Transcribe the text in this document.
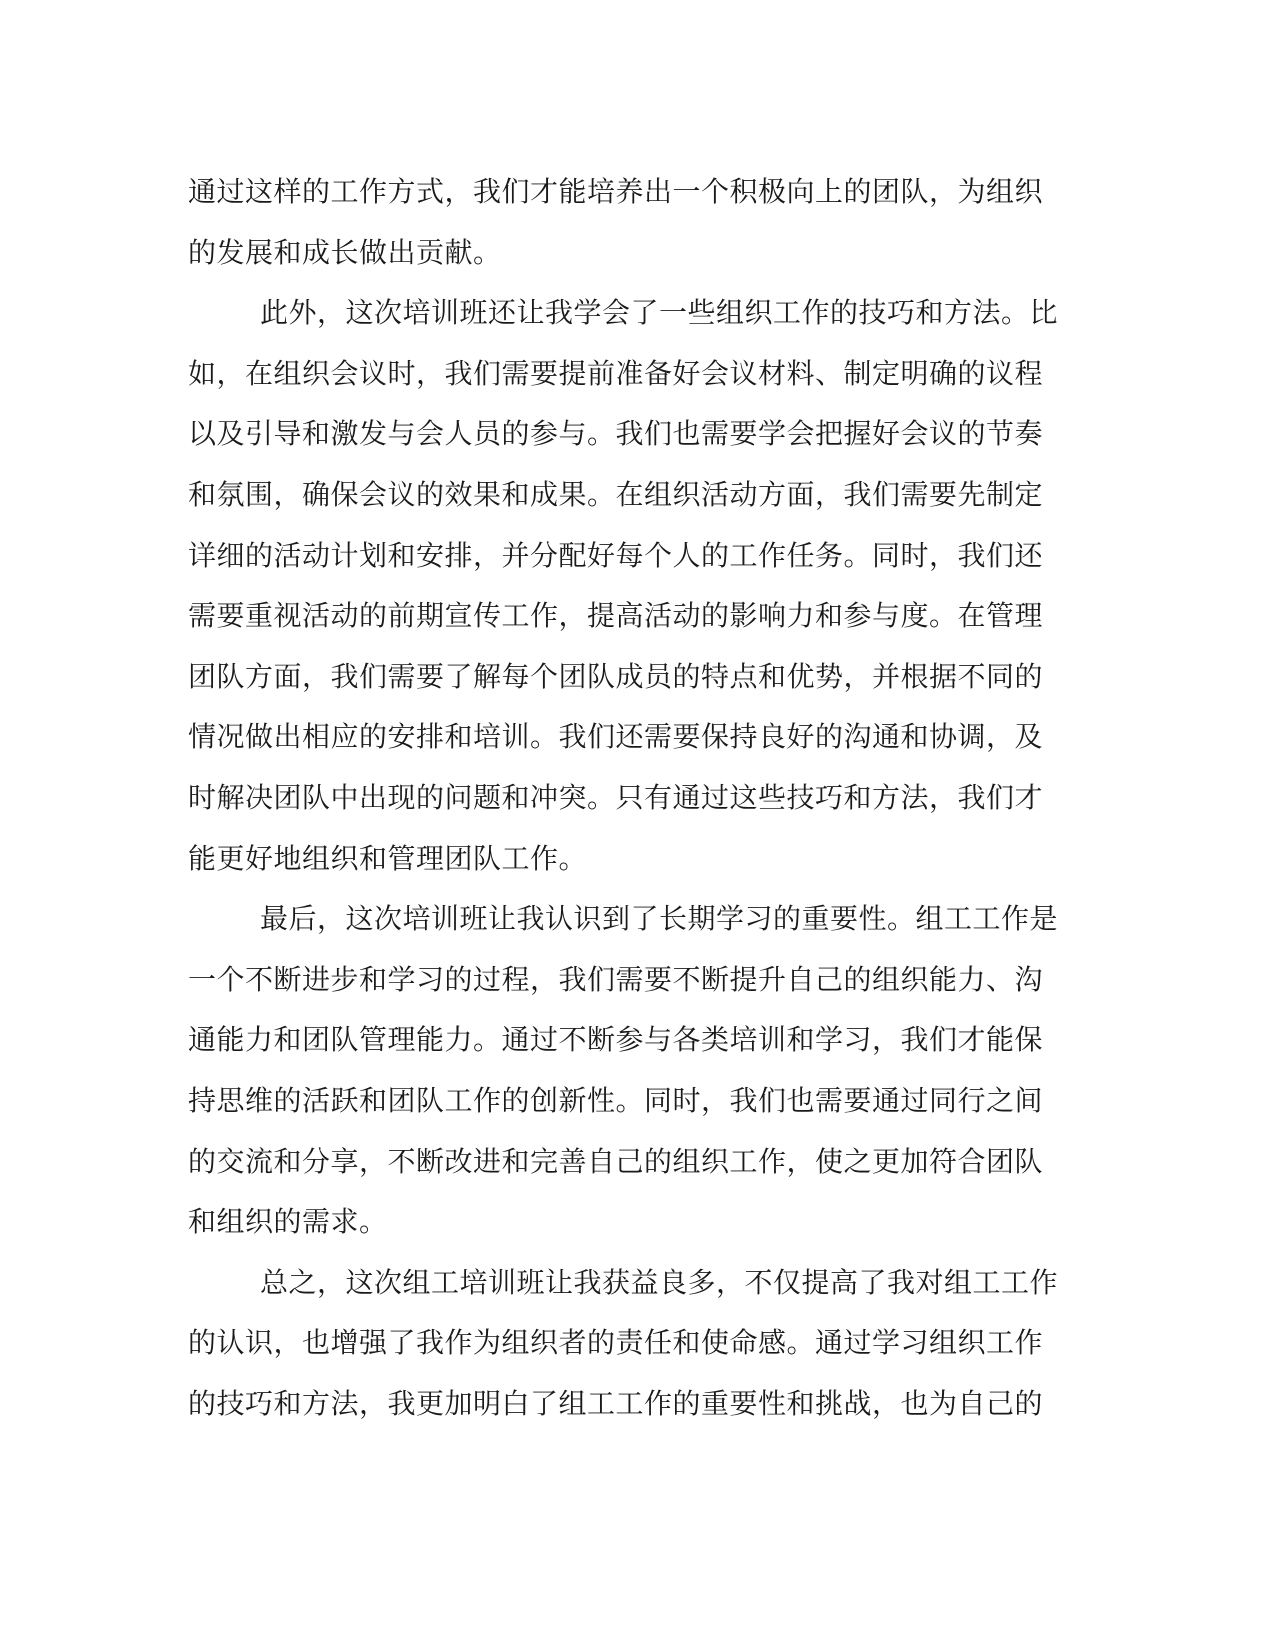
通过这样的工作方式，我们才能培养出一个积极向上的团队，为组织
的发展和成长做出贡献。
此外，这次培训班还让我学会了一些组织工作的技巧和方法。比
如，在组织会议时，我们需要提前准备好会议材料、制定明确的议程
以及引导和激发与会人员的参与。我们也需要学会把握好会议的节奏
和氛围，确保会议的效果和成果。在组织活动方面，我们需要先制定
详细的活动计划和安排，并分配好每个人的工作任务。同时，我们还
需要重视活动的前期宣传工作，提高活动的影响力和参与度。在管理
团队方面，我们需要了解每个团队成员的特点和优势，并根据不同的
情况做出相应的安排和培训。我们还需要保持良好的沟通和协调，及
时解决团队中出现的问题和冲突。只有通过这些技巧和方法，我们才
能更好地组织和管理团队工作。
最后，这次培训班让我认识到了长期学习的重要性。组工工作是
一个不断进步和学习的过程，我们需要不断提升自己的组织能力、沟
通能力和团队管理能力。通过不断参与各类培训和学习，我们才能保
持思维的活跃和团队工作的创新性。同时，我们也需要通过同行之间
的交流和分享，不断改进和完善自己的组织工作，使之更加符合团队
和组织的需求。
总之，这次组工培训班让我获益良多，不仅提高了我对组工工作
的认识，也增强了我作为组织者的责任和使命感。通过学习组织工作
的技巧和方法，我更加明白了组工工作的重要性和挑战，也为自己的
